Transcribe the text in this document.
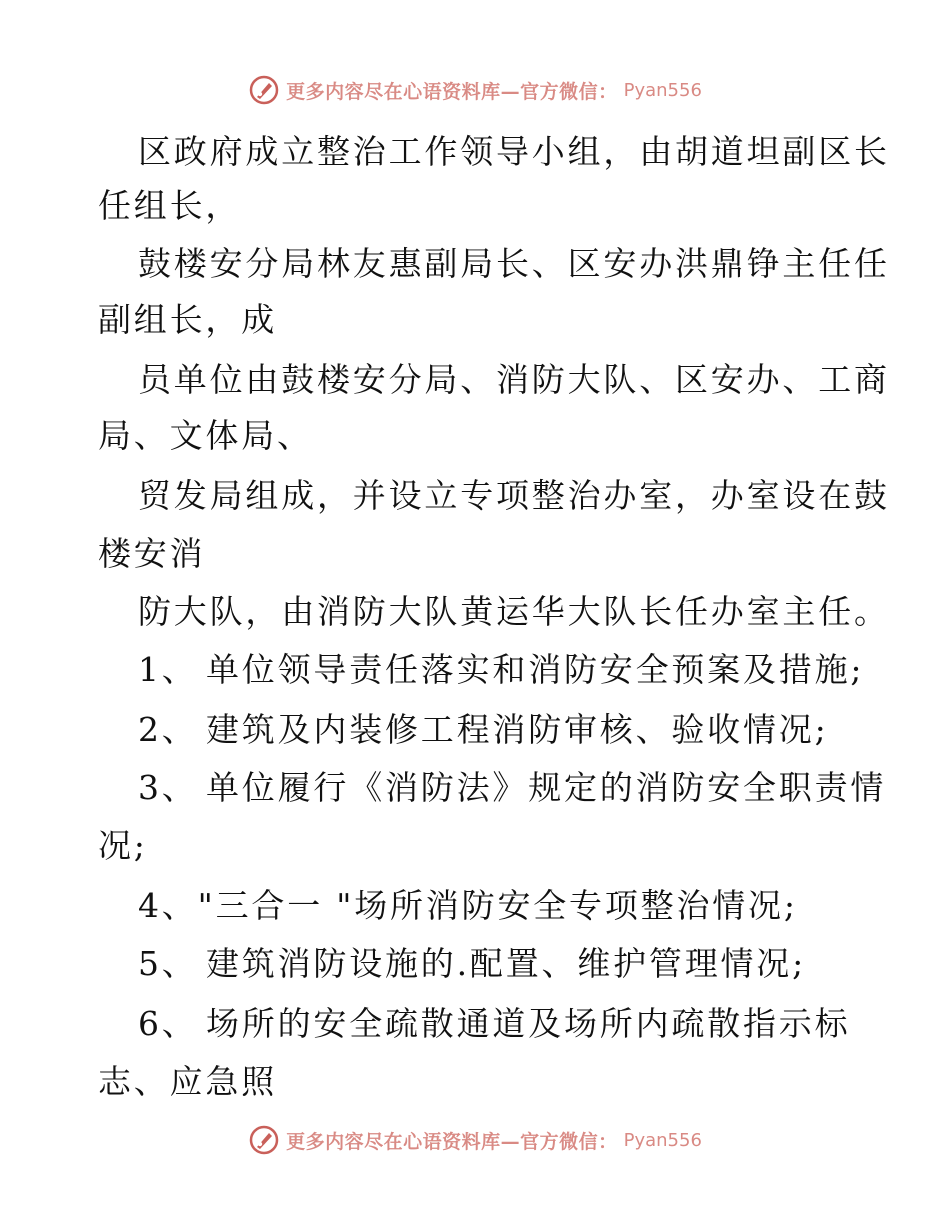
更多内容尽在心语资料库—官方微信： Pyan556
区政府成立整治工作领导小组，由胡道坦副区长
任组长，
鼓楼安分局林友惠副局长、区安办洪鼎铮主任任
副组长，成
员单位由鼓楼安分局、消防大队、区安办、工商
局、文体局、
贸发局组成，并设立专项整治办室，办室设在鼓
楼安消
防大队，由消防大队黄运华大队长任办室主任。
1、 单位领导责任落实和消防安全预案及措施;
2、 建筑及内装修工程消防审核、验收情况;
3、 单位履行《消防法》规定的消防安全职责情
况;
4、"三合一 "场所消防安全专项整治情况;
5、 建筑消防设施的.配置、维护管理情况;
6、 场所的安全疏散通道及场所内疏散指示标
志、应急照
更多内容尽在心语资料库—官方微信： Pyan556
